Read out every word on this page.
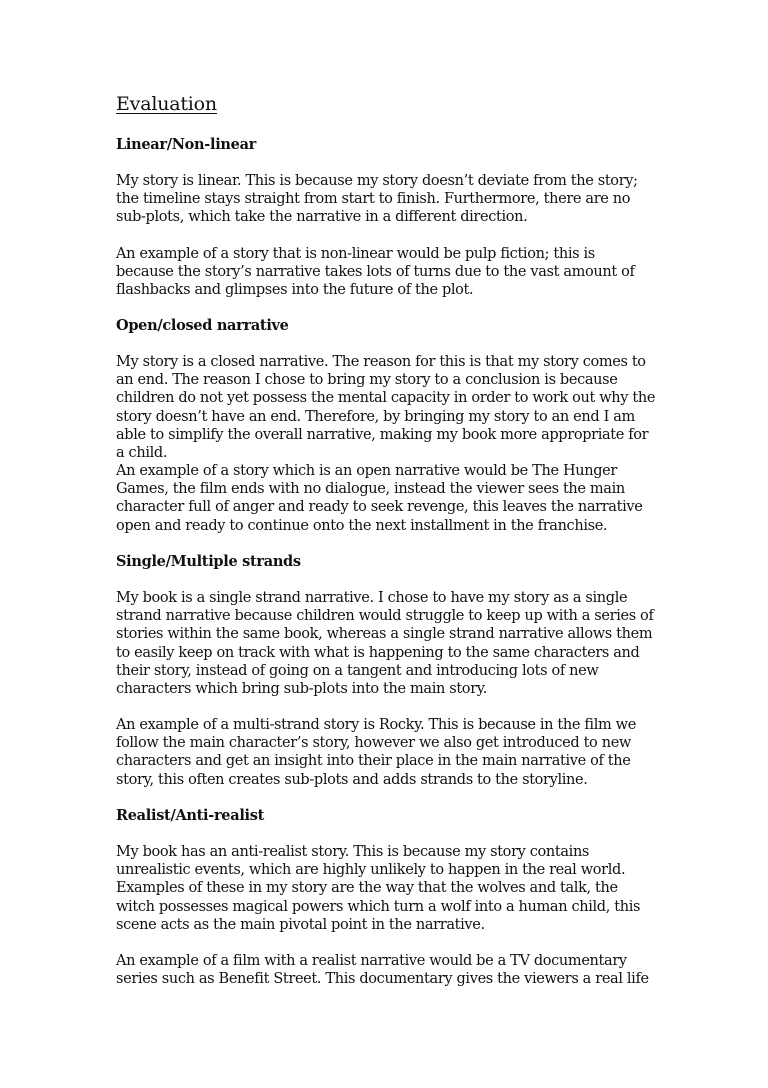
Evaluation
Linear/Non-linear

My story is linear. This is because my story doesn’t deviate from the story; the timeline stays straight from start to finish. Furthermore, there are no sub-plots, which take the narrative in a different direction.

An example of a story that is non-linear would be pulp fiction; this is because the story’s narrative takes lots of turns due to the vast amount of flashbacks and glimpses into the future of the plot.

Open/closed narrative

My story is a closed narrative. The reason for this is that my story comes to an end. The reason I chose to bring my story to a conclusion is because children do not yet possess the mental capacity in order to work out why the story doesn’t have an end. Therefore, by bringing my story to an end I am able to simplify the overall narrative, making my book more appropriate for a child.

An example of a story which is an open narrative would be The Hunger Games, the film ends with no dialogue, instead the viewer sees the main character full of anger and ready to seek revenge, this leaves the narrative open and ready to continue onto the next installment in the franchise.

Single/Multiple strands

My book is a single strand narrative. I chose to have my story as a single strand narrative because children would struggle to keep up with a series of stories within the same book, whereas a single strand narrative allows them to easily keep on track with what is happening to the same characters and their story, instead of going on a tangent and introducing lots of new characters which bring sub-plots into the main story.

An example of a multi-strand story is Rocky. This is because in the film we follow the main character’s story, however we also get introduced to new characters and get an insight into their place in the main narrative of the story, this often creates sub-plots and adds strands to the storyline.

Realist/Anti-realist

My book has an anti-realist story. This is because my story contains unrealistic events, which are highly unlikely to happen in the real world. Examples of these in my story are the way that the wolves and talk, the witch possesses magical powers which turn a wolf into a human child, this scene acts as the main pivotal point in the narrative.

An example of a film with a realist narrative would be a TV documentary series such as Benefit Street. This documentary gives the viewers a real life
